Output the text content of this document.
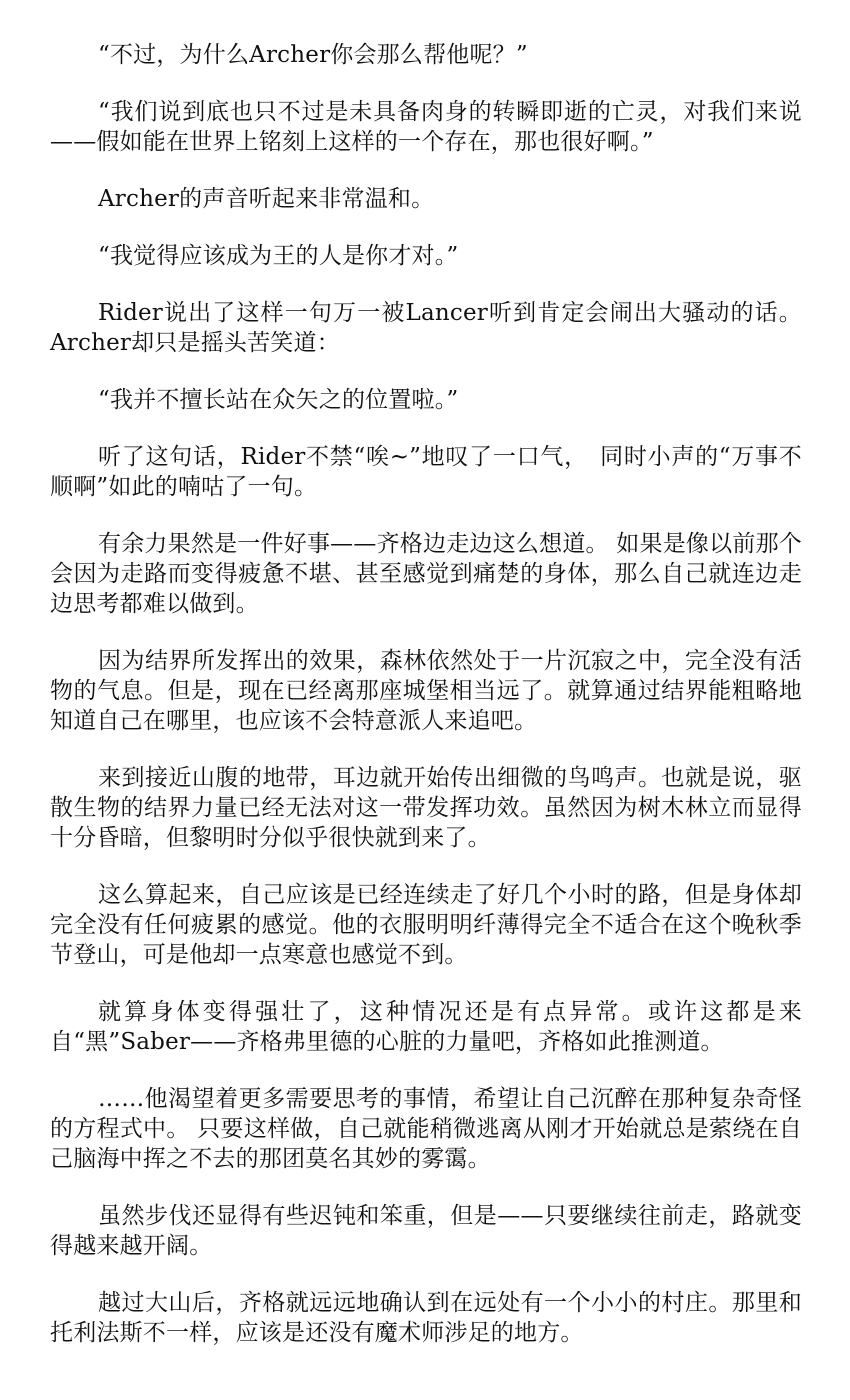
“不过，为什么Archer你会那么帮他呢？”

“我们说到底也只不过是未具备肉身的转瞬即逝的亡灵，对我们来说——假如能在世界上铭刻上这样的一个存在，那也很好啊。”

Archer的声音听起来非常温和。

“我觉得应该成为王的人是你才对。”

Rider说出了这样一句万一被Lancer听到肯定会闹出大骚动的话。 Archer却只是摇头苦笑道：

“我并不擅长站在众矢之的位置啦。”

听了这句话，Rider不禁“唉~”地叹了一口气，　同时小声的“万事不顺啊”如此的喃咕了一句。

有余力果然是一件好事——齐格边走边这么想道。 如果是像以前那个会因为走路而变得疲惫不堪、甚至感觉到痛楚的身体，那么自己就连边走边思考都难以做到。

因为结界所发挥出的效果，森林依然处于一片沉寂之中，完全没有活物的气息。但是，现在已经离那座城堡相当远了。就算通过结界能粗略地知道自己在哪里，也应该不会特意派人来追吧。

来到接近山腹的地带，耳边就开始传出细微的鸟鸣声。也就是说，驱散生物的结界力量已经无法对这一带发挥功效。虽然因为树木林立而显得十分昏暗，但黎明时分似乎很快就到来了。

这么算起来，自己应该是已经连续走了好几个小时的路，但是身体却完全没有任何疲累的感觉。他的衣服明明纤薄得完全不适合在这个晚秋季节登山，可是他却一点寒意也感觉不到。

就算身体变得强壮了，这种情况还是有点异常。或许这都是来自“黑”Saber——齐格弗里德的心脏的力量吧，齐格如此推测道。

……他渴望着更多需要思考的事情，希望让自己沉醉在那种复杂奇怪的方程式中。 只要这样做，自己就能稍微逃离从刚才开始就总是萦绕在自己脑海中挥之不去的那团莫名其妙的雾霭。

虽然步伐还显得有些迟钝和笨重，但是——只要继续往前走，路就变得越来越开阔。

越过大山后，齐格就远远地确认到在远处有一个小小的村庄。那里和托利法斯不一样，应该是还没有魔术师涉足的地方。
